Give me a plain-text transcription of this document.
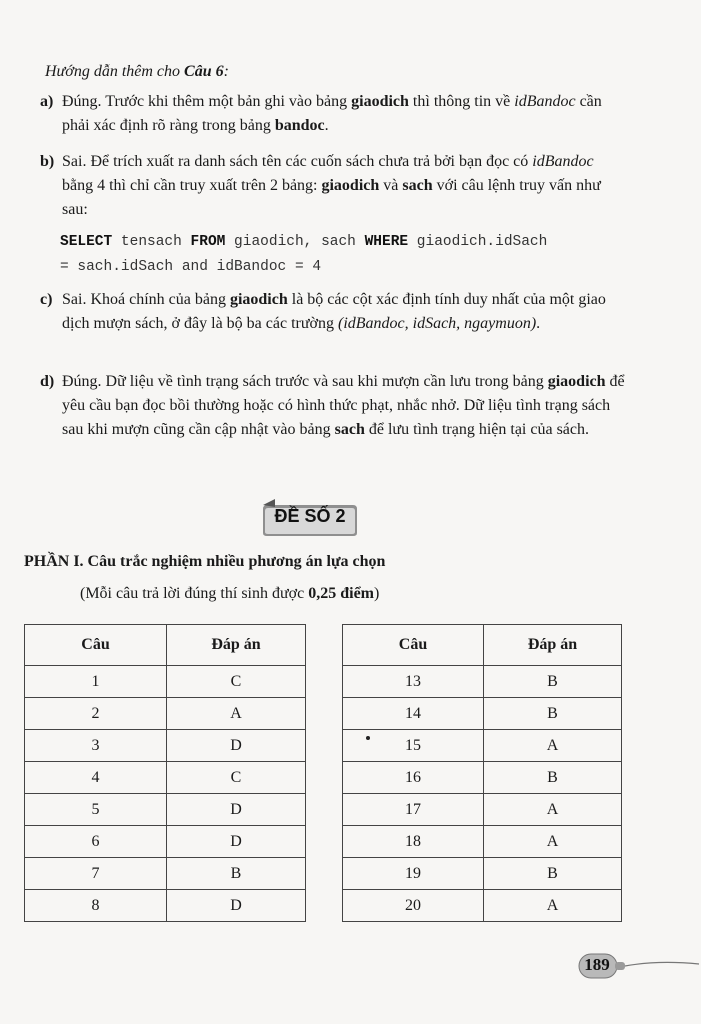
Hướng dẫn thêm cho Câu 6:
a) Đúng. Trước khi thêm một bản ghi vào bảng giaodich thì thông tin về idBandoc cần phải xác định rõ ràng trong bảng bandoc.
b) Sai. Để trích xuất ra danh sách tên các cuốn sách chưa trả bởi bạn đọc có idBandoc bằng 4 thì chỉ cần truy xuất trên 2 bảng: giaodich và sach với câu lệnh truy vấn như sau:
SELECT tensach FROM giaodich, sach WHERE giaodich.idSach
= sach.idSach and idBandoc = 4
c) Sai. Khoá chính của bảng giaodich là bộ các cột xác định tính duy nhất của một giao dịch mượn sách, ở đây là bộ ba các trường (idBandoc, idSach, ngaymuon).
d) Đúng. Dữ liệu về tình trạng sách trước và sau khi mượn cần lưu trong bảng giaodich để yêu cầu bạn đọc bồi thường hoặc có hình thức phạt, nhắc nhở. Dữ liệu tình trạng sách sau khi mượn cũng cần cập nhật vào bảng sach để lưu tình trạng hiện tại của sách.
ĐỀ SỐ 2
PHẦN I. Câu trắc nghiệm nhiều phương án lựa chọn
(Mỗi câu trả lời đúng thí sinh được 0,25 điểm)
Câu	Đáp án
1	C
2	A
3	D
4	C
5	D
6	D
7	B
8	D
Câu	Đáp án
13	B
14	B
15	A
16	B
17	A
18	A
19	B
20	A
189
